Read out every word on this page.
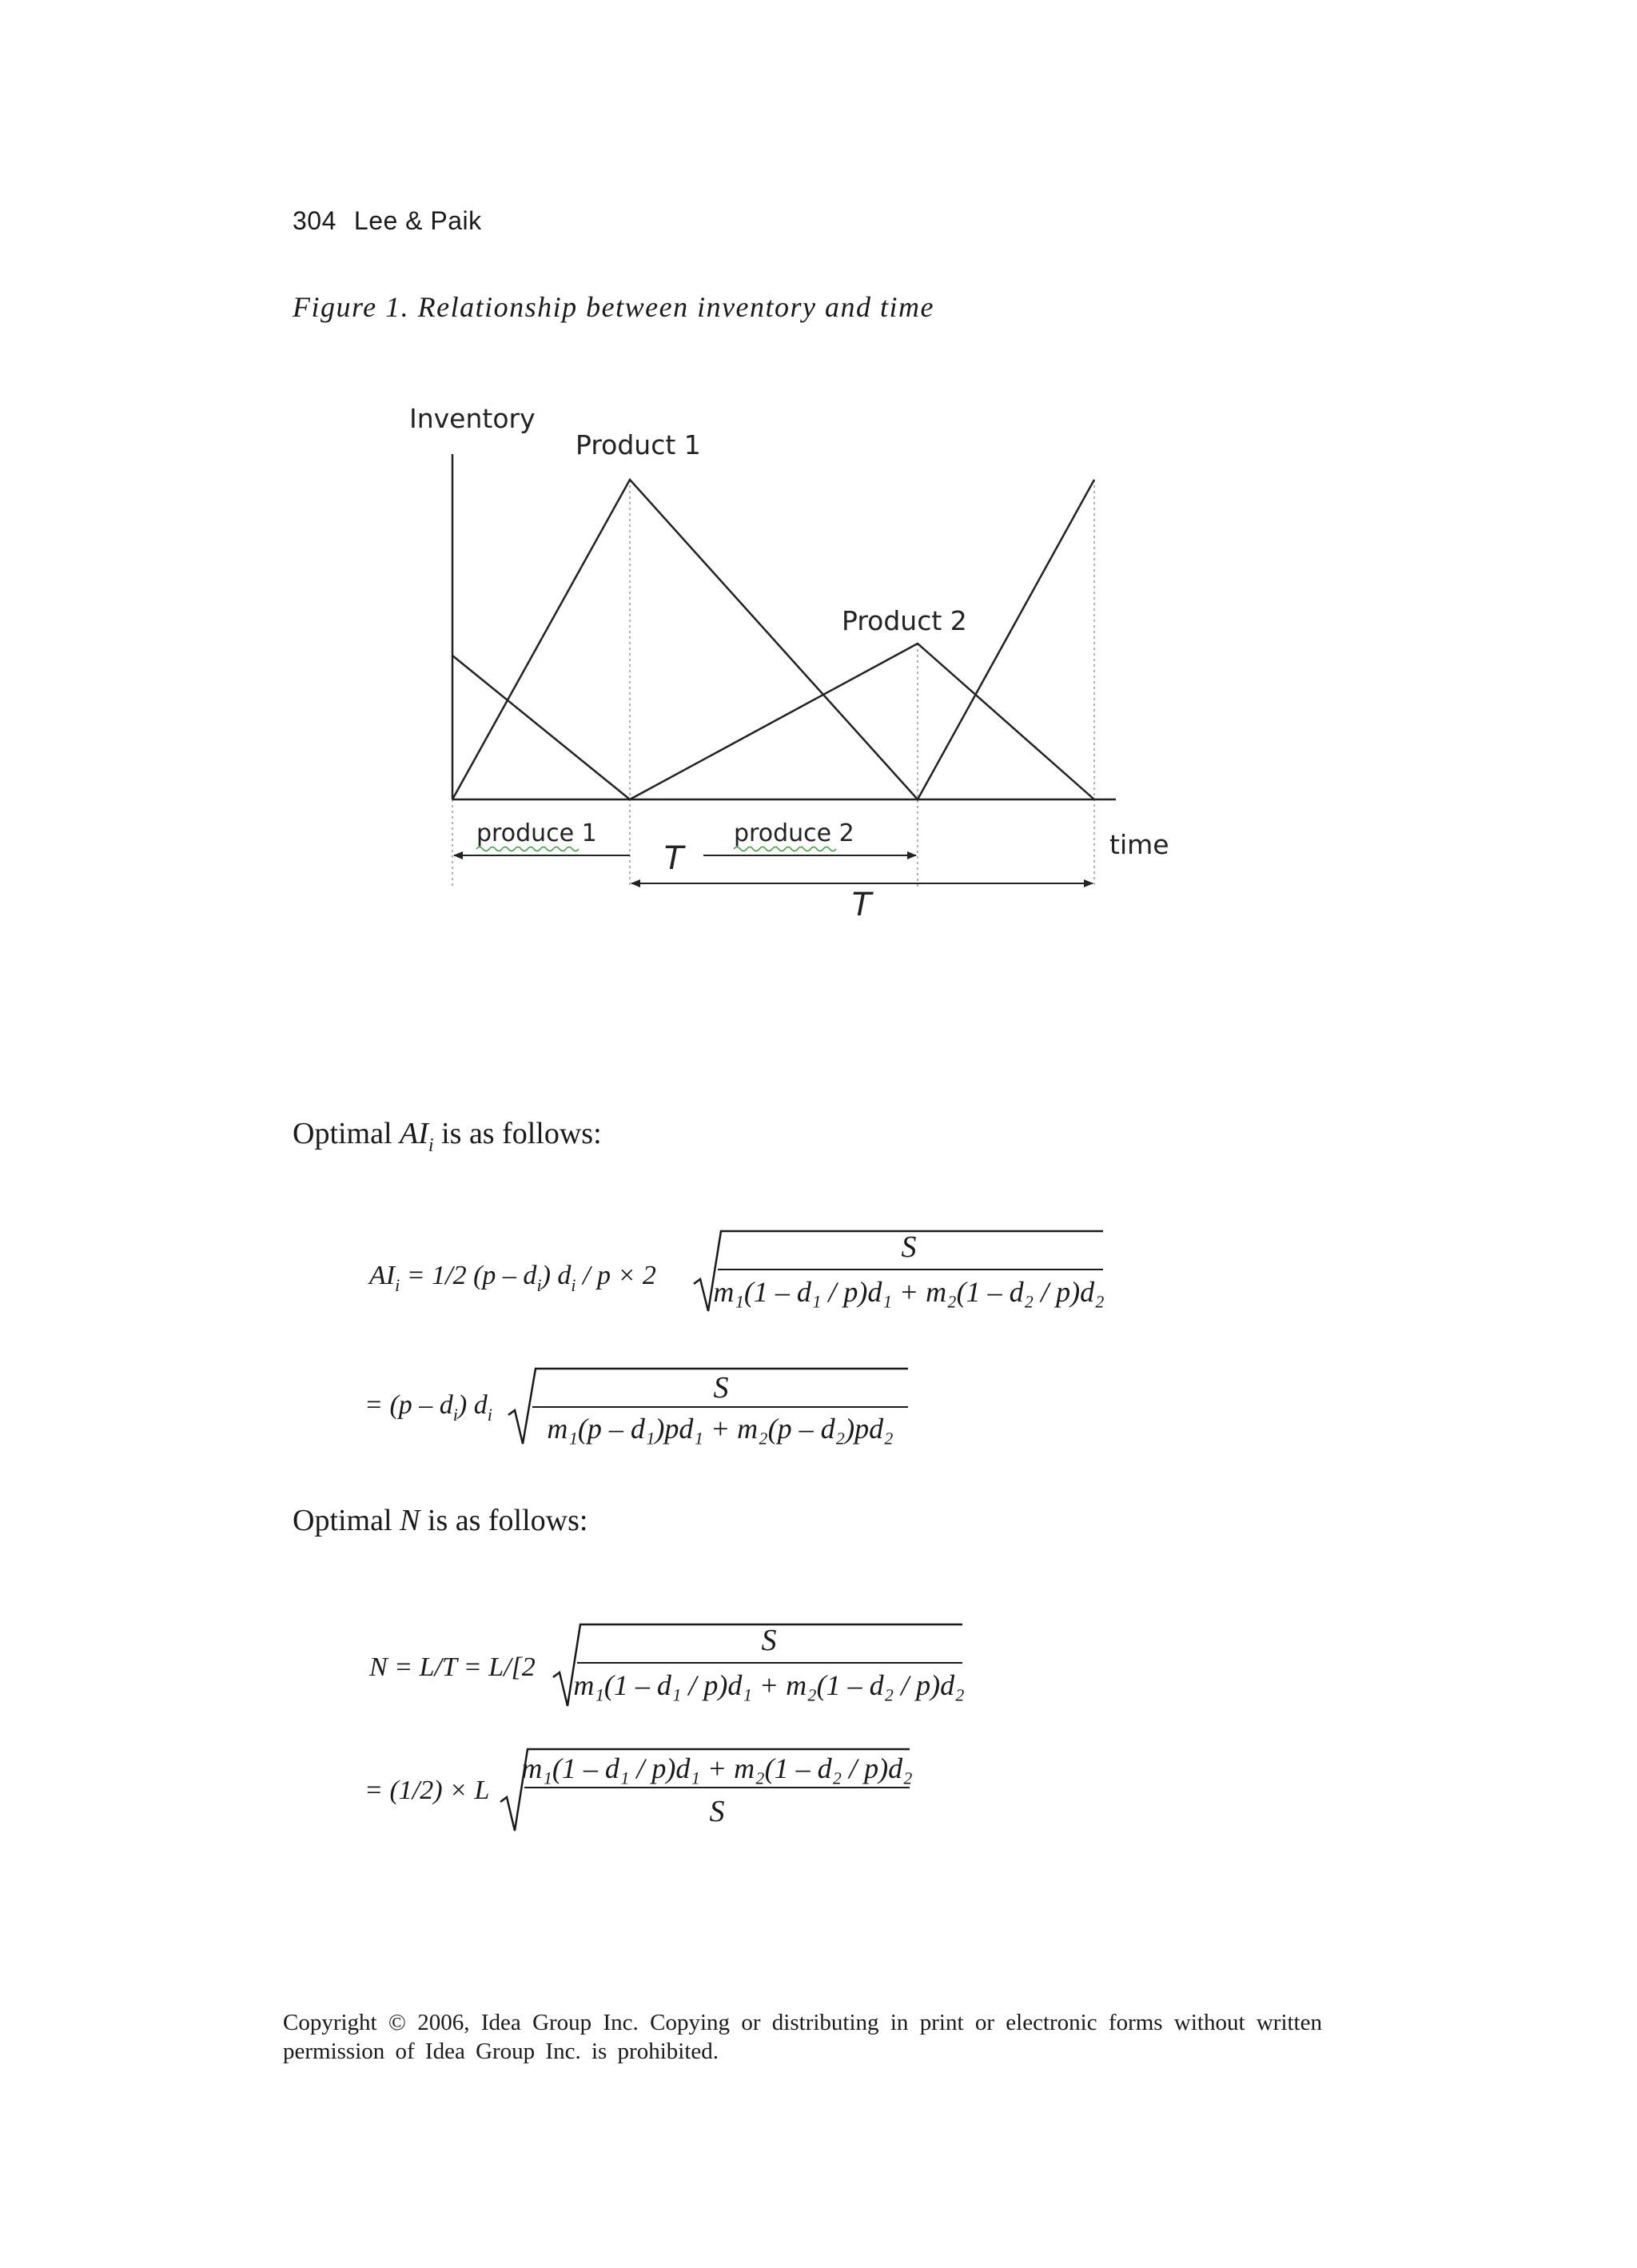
304 Lee & Paik
Figure 1. Relationship between inventory and time
Inventory
Product 1
Product 2
time
produce 1	produce 2
T
T
Optimal $AI_i$ is as follows:
$AI_i = 1/2$ $(p - d_i)$ $d_i / p \times 2$
S
m₁(1 – d₁ / p)d₁ + m₂(1 – d₂ / p)d₂
= $(p - d_i)$ $d_i$
S
m₁(p – d₁)pd₁ + m₂(p – d₂)pd₂
Optimal N is as follows:
N = L/T = L/[2
S
m₁(1 – d₁ / p)d₁ + m₂(1 – d₂ / p)d₂
= (1/2) × L
m₁(1 – d₁ / p)d₁ + m₂(1 – d₂ / p)d₂
S
Copyright © 2006, Idea Group Inc. Copying or distributing in print or electronic forms without written
permission of Idea Group Inc. is prohibited.
